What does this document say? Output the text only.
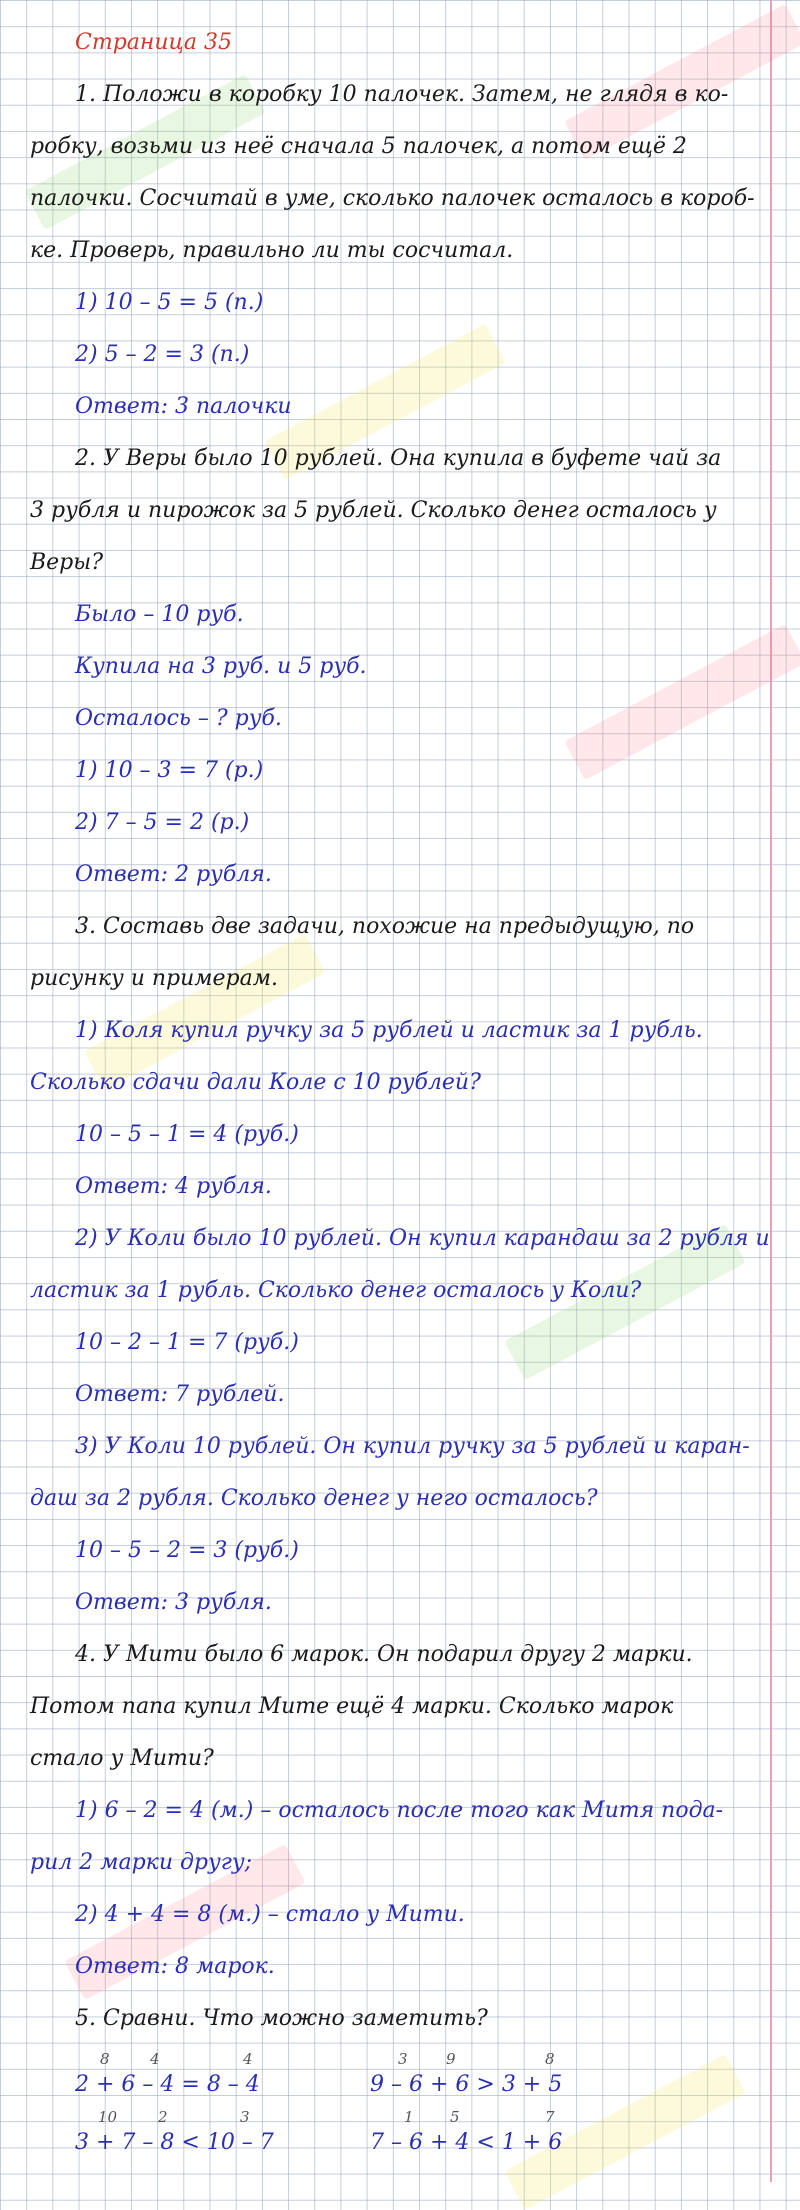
Страница 35
1. Положи в коробку 10 палочек. Затем, не глядя в ко-
робку, возьми из неё сначала 5 палочек, а потом ещё 2
палочки. Сосчитай в уме, сколько палочек осталось в короб-
ке. Проверь, правильно ли ты сосчитал.
1) 10 – 5 = 5 (п.)
2) 5 – 2 = 3 (п.)
Ответ: 3 палочки
2. У Веры было 10 рублей. Она купила в буфете чай за
3 рубля и пирожок за 5 рублей. Сколько денег осталось у
Веры?
Было – 10 руб.
Купила на 3 руб. и 5 руб.
Осталось – ? руб.
1) 10 – 3 = 7 (р.)
2) 7 – 5 = 2 (р.)
Ответ: 2 рубля.
3. Составь две задачи, похожие на предыдущую, по
рисунку и примерам.
1) Коля купил ручку за 5 рублей и ластик за 1 рубль.
Сколько сдачи дали Коле с 10 рублей?
10 – 5 – 1 = 4 (руб.)
Ответ: 4 рубля.
2) У Коли было 10 рублей. Он купил карандаш за 2 рубля и
ластик за 1 рубль. Сколько денег осталось у Коли?
10 – 2 – 1 = 7 (руб.)
Ответ: 7 рублей.
3) У Коли 10 рублей. Он купил ручку за 5 рублей и каран-
даш за 2 рубля. Сколько денег у него осталось?
10 – 5 – 2 = 3 (руб.)
Ответ: 3 рубля.
4. У Мити было 6 марок. Он подарил другу 2 марки.
Потом папа купил Мите ещё 4 марки. Сколько марок
стало у Мити?
1) 6 – 2 = 4 (м.) – осталось после того как Митя пода-
рил 2 марки другу;
2) 4 + 4 = 8 (м.) – стало у Мити.
Ответ: 8 марок.
5. Сравни. Что можно заметить?
2 + 6 – 4 = 8 – 4	9 – 6 + 6 > 3 + 5
3 + 7 – 8 < 10 – 7	7 – 6 + 4 < 1 + 6
8	4	4	3	9	8
10	2	3	1 5	7
